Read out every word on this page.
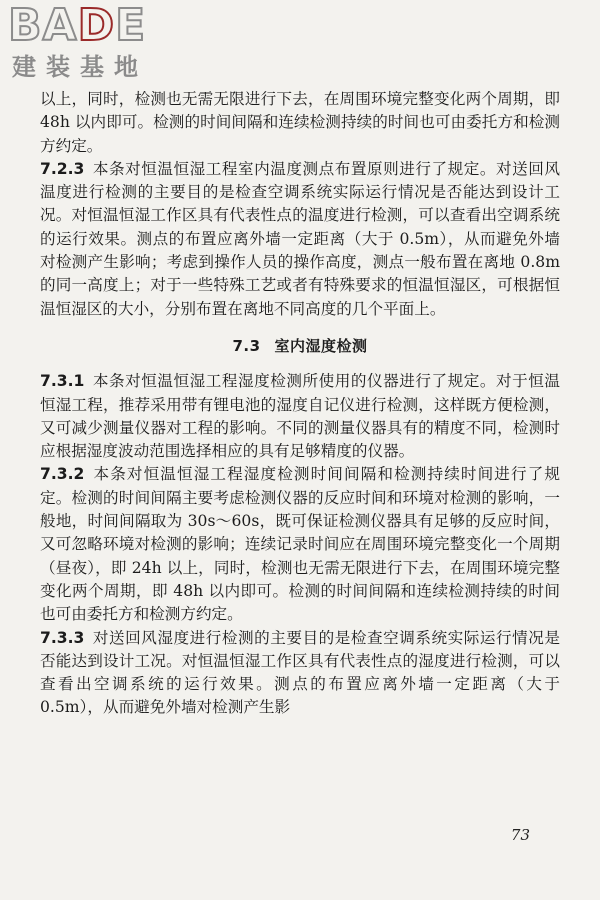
BADE
建装基地

以上，同时，检测也无需无限进行下去，在周围环境完整变化两个周期，即 48h 以内即可。检测的时间间隔和连续检测持续的时间也可由委托方和检测方约定。

7.2.3 本条对恒温恒湿工程室内温度测点布置原则进行了规定。对送回风温度进行检测的主要目的是检查空调系统实际运行情况是否能达到设计工况。对恒温恒湿工作区具有代表性点的温度进行检测，可以查看出空调系统的运行效果。测点的布置应离外墙一定距离（大于 0.5m），从而避免外墙对检测产生影响；考虑到操作人员的操作高度，测点一般布置在离地 0.8m 的同一高度上；对于一些特殊工艺或者有特殊要求的恒温恒湿区，可根据恒温恒湿区的大小，分别布置在离地不同高度的几个平面上。

7.3 室内湿度检测

7.3.1 本条对恒温恒湿工程湿度检测所使用的仪器进行了规定。对于恒温恒湿工程，推荐采用带有锂电池的湿度自记仪进行检测，这样既方便检测，又可减少测量仪器对工程的影响。不同的测量仪器具有的精度不同，检测时应根据湿度波动范围选择相应的具有足够精度的仪器。

7.3.2 本条对恒温恒湿工程湿度检测时间间隔和检测持续时间进行了规定。检测的时间间隔主要考虑检测仪器的反应时间和环境对检测的影响，一般地，时间间隔取为 30s～60s，既可保证检测仪器具有足够的反应时间，又可忽略环境对检测的影响；连续记录时间应在周围环境完整变化一个周期（昼夜），即 24h 以上，同时，检测也无需无限进行下去，在周围环境完整变化两个周期，即 48h 以内即可。检测的时间间隔和连续检测持续的时间也可由委托方和检测方约定。

7.3.3 对送回风湿度进行检测的主要目的是检查空调系统实际运行情况是否能达到设计工况。对恒温恒湿工作区具有代表性点的湿度进行检测，可以查看出空调系统的运行效果。测点的布置应离外墙一定距离（大于 0.5m），从而避免外墙对检测产生影

73
